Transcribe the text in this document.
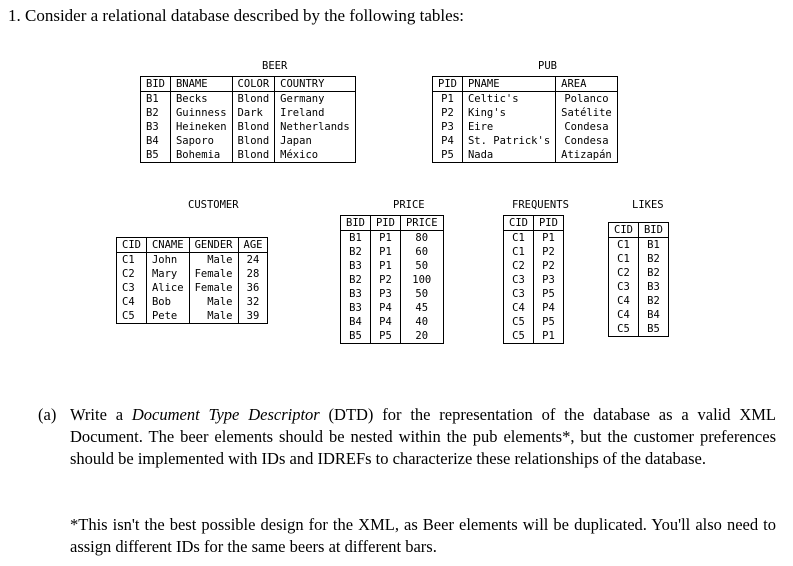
1. Consider a relational database described by the following tables:
BEER
BID	BNAME	COLOR	COUNTRY
B1	Becks	Blond	Germany
B2	Guinness	Dark	Ireland
B3	Heineken	Blond	Netherlands
B4	Saporo	Blond	Japan
B5	Bohemia	Blond	México
PUB
PID	PNAME	AREA
P1	Celtic's	Polanco
P2	King's	Satélite
P3	Eire	Condesa
P4	St. Patrick's	Condesa
P5	Nada	Atizapán
CUSTOMER
CID	CNAME	GENDER	AGE
C1	John	Male	24
C2	Mary	Female	28
C3	Alice	Female	36
C4	Bob	Male	32
C5	Pete	Male	39
PRICE
BID	PID	PRICE
B1	P1	80
B2	P1	60
B3	P1	50
B2	P2	100
B3	P3	50
B3	P4	45
B4	P4	40
B5	P5	20
FREQUENTS
CID	PID
C1	P1
C1	P2
C2	P2
C3	P3
C3	P5
C4	P4
C5	P5
C5	P1
LIKES
CID	BID
C1	B1
C1	B2
C2	B2
C3	B3
C4	B2
C4	B4
C5	B5
(a) Write a Document Type Descriptor (DTD) for the representation of the database as a valid XML Document. The beer elements should be nested within the pub elements*, but the customer preferences should be implemented with IDs and IDREFs to characterize these relationships of the database.
*This isn't the best possible design for the XML, as Beer elements will be duplicated. You'll also need to assign different IDs for the same beers at different bars.
